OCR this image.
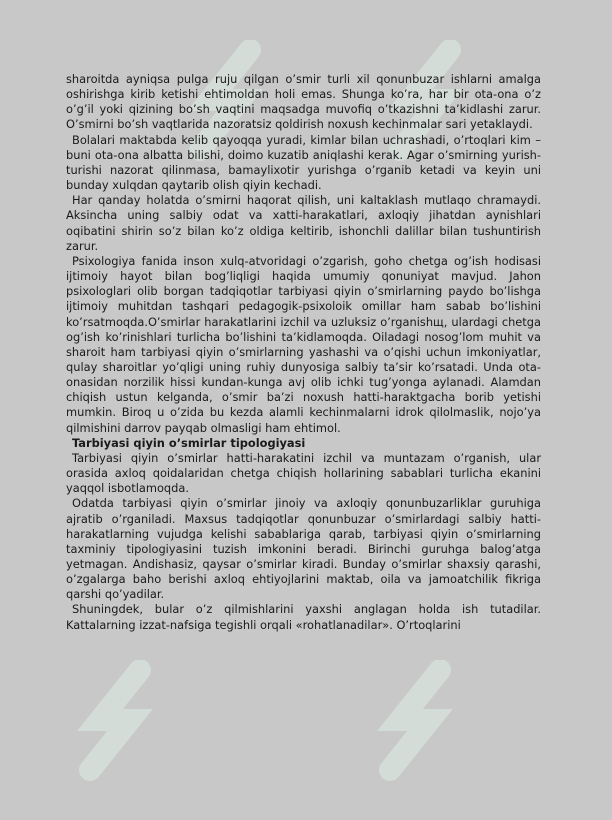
sharoitda ayniqsa pulga ruju qilgan o’smir turli xil qonunbuzar ishlarni amalga oshirishga kirib ketishi ehtimoldan holi emas. Shunga ko’ra, har bir ota-ona o’z o’g’il yoki qizining bo’sh vaqtini maqsadga muvofiq o’tkazishni ta’kidlashi zarur. O’smirni bo’sh vaqtlarida nazoratsiz qoldirish noxush kechinmalar sari yetaklaydi.

Bolalari maktabda kelib qayoqqa yuradi, kimlar bilan uchrashadi, o’rtoqlari kim – buni ota-ona albatta bilishi, doimo kuzatib aniqlashi kerak. Agar o’smirning yurish-turishi nazorat qilinmasa, bamaylixotir yurishga o’rganib ketadi va keyin uni bunday xulqdan qaytarib olish qiyin kechadi.

Har qanday holatda o’smirni haqorat qilish, uni kaltaklash mutlaqo chramaydi. Aksincha uning salbiy odat va xatti-harakatlari, axloqiy jihatdan aynishlari oqibatini shirin so’z bilan ko’z oldiga keltirib, ishonchli dalillar bilan tushuntirish zarur.

Psixologiya fanida inson xulq-atvoridagi o’zgarish, goho chetga og’ish hodisasi ijtimoiy hayot bilan bog’liqligi haqida umumiy qonuniyat mavjud. Jahon psixologlari olib borgan tadqiqotlar tarbiyasi qiyin o’smirlarning paydo bo’lishga ijtimoiy muhitdan tashqari pedagogik-psixoloik omillar ham sabab bo’lishini ko’rsatmoqda.O’smirlar harakatlarini izchil va uzluksiz o’rganishщ, ulardagi chetga og’ish ko’rinishlari turlicha bo’lishini ta’kidlamoqda. Oiladagi nosog’lom muhit va sharoit ham tarbiyasi qiyin o’smirlarning yashashi va o’qishi uchun imkoniyatlar, qulay sharoitlar yo’qligi uning ruhiy dunyosiga salbiy ta’sir ko’rsatadi. Unda ota-onasidan norzilik hissi kundan-kunga avj olib ichki tug’yonga aylanadi. Alamdan chiqish ustun kelganda, o’smir ba’zi noxush hatti-haraktgacha borib yetishi mumkin. Biroq u o’zida bu kezda alamli kechinmalarni idrok qilolmaslik, nojo’ya qilmishini darrov payqab olmasligi ham ehtimol.

Tarbiyasi qiyin o’smirlar tipologiyasi

Tarbiyasi qiyin o’smirlar hatti-harakatini izchil va muntazam o’rganish, ular orasida axloq qoidalaridan chetga chiqish hollarining sabablari turlicha ekanini yaqqol isbotlamoqda.

Odatda tarbiyasi qiyin o’smirlar jinoiy va axloqiy qonunbuzarliklar guruhiga ajratib o’rganiladi. Maxsus tadqiqotlar qonunbuzar o’smirlardagi salbiy hatti-harakatlarning vujudga kelishi sabablariga qarab, tarbiyasi qiyin o’smirlarning taxminiy tipologiyasini tuzish imkonini beradi. Birinchi guruhga balog’atga yetmagan. Andishasiz, qaysar o’smirlar kiradi. Bunday o’smirlar shaxsiy qarashi, o’zgalarga baho berishi axloq ehtiyojlarini maktab, oila va jamoatchilik fikriga qarshi qo’yadilar.

Shuningdek, bular o’z qilmishlarini yaxshi anglagan holda ish tutadilar. Kattalarning izzat-nafsiga tegishli orqali «rohatlanadilar». O’rtoqlarini
